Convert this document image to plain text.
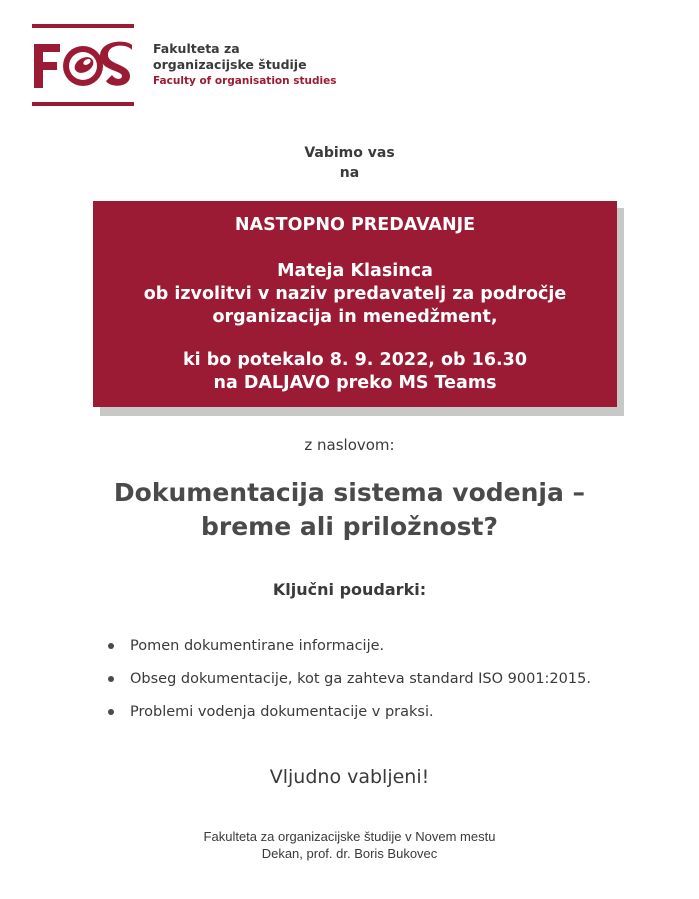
Fakulteta za
organizacijske študije
Faculty of organisation studies
Vabimo vas
na
NASTOPNO PREDAVANJE
Mateja Klasinca
ob izvolitvi v naziv predavatelj za področje
organizacija in menedžment,
ki bo potekalo 8. 9. 2022, ob 16.30
na DALJAVO preko MS Teams
z naslovom:
Dokumentacija sistema vodenja –
breme ali priložnost?
Ključni poudarki:
Pomen dokumentirane informacije.
Obseg dokumentacije, kot ga zahteva standard ISO 9001:2015.
Problemi vodenja dokumentacije v praksi.
Vljudno vabljeni!
Fakulteta za organizacijske študije v Novem mestu
Dekan, prof. dr. Boris Bukovec
